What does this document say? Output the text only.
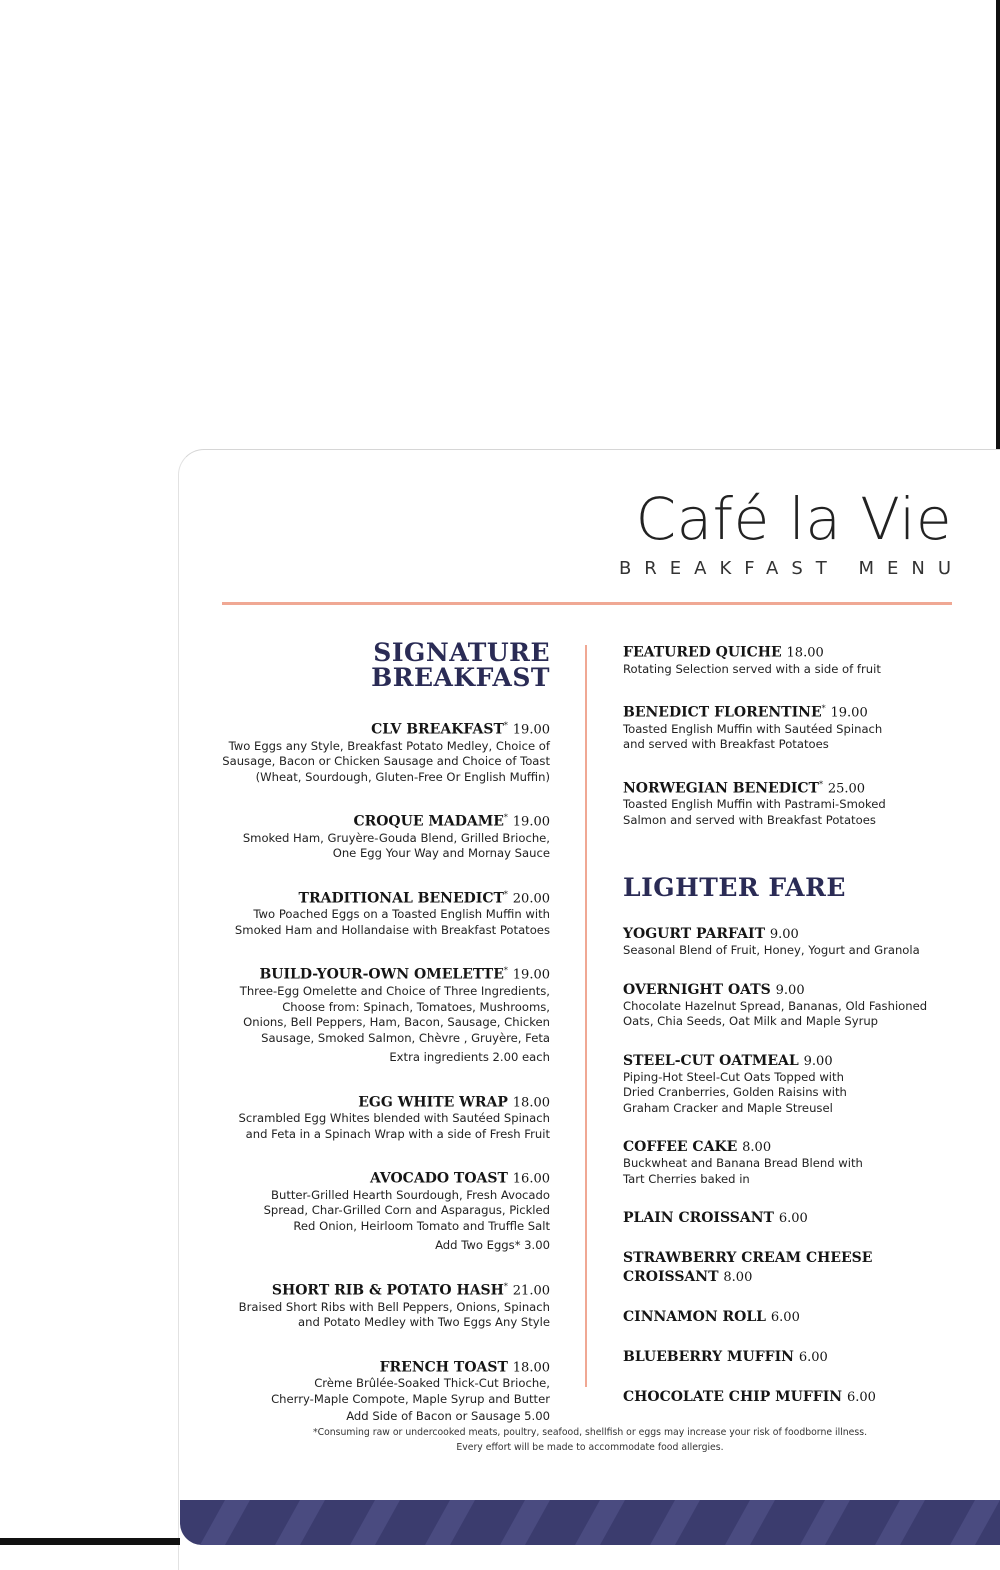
Café la Vie
BREAKFAST MENU
SIGNATURE
BREAKFAST
CLV BREAKFAST* 19.00
Two Eggs any Style, Breakfast Potato Medley, Choice of
Sausage, Bacon or Chicken Sausage and Choice of Toast
(Wheat, Sourdough, Gluten-Free Or English Muffin)
CROQUE MADAME* 19.00
Smoked Ham, Gruyère-Gouda Blend, Grilled Brioche,
One Egg Your Way and Mornay Sauce
TRADITIONAL BENEDICT* 20.00
Two Poached Eggs on a Toasted English Muffin with
Smoked Ham and Hollandaise with Breakfast Potatoes
BUILD-YOUR-OWN OMELETTE* 19.00
Three-Egg Omelette and Choice of Three Ingredients,
Choose from: Spinach, Tomatoes, Mushrooms,
Onions, Bell Peppers, Ham, Bacon, Sausage, Chicken
Sausage, Smoked Salmon, Chèvre , Gruyère, Feta
Extra ingredients 2.00 each
EGG WHITE WRAP 18.00
Scrambled Egg Whites blended with Sautéed Spinach
and Feta in a Spinach Wrap with a side of Fresh Fruit
AVOCADO TOAST 16.00
Butter-Grilled Hearth Sourdough, Fresh Avocado
Spread, Char-Grilled Corn and Asparagus, Pickled
Red Onion, Heirloom Tomato and Truffle Salt
Add Two Eggs* 3.00
SHORT RIB & POTATO HASH* 21.00
Braised Short Ribs with Bell Peppers, Onions, Spinach
and Potato Medley with Two Eggs Any Style
FRENCH TOAST 18.00
Crème Brûlée-Soaked Thick-Cut Brioche,
Cherry-Maple Compote, Maple Syrup and Butter
Add Side of Bacon or Sausage 5.00
FEATURED QUICHE 18.00
Rotating Selection served with a side of fruit
BENEDICT FLORENTINE* 19.00
Toasted English Muffin with Sautéed Spinach
and served with Breakfast Potatoes
NORWEGIAN BENEDICT* 25.00
Toasted English Muffin with Pastrami-Smoked
Salmon and served with Breakfast Potatoes
LIGHTER FARE
YOGURT PARFAIT 9.00
Seasonal Blend of Fruit, Honey, Yogurt and Granola
OVERNIGHT OATS 9.00
Chocolate Hazelnut Spread, Bananas, Old Fashioned
Oats, Chia Seeds, Oat Milk and Maple Syrup
STEEL-CUT OATMEAL 9.00
Piping-Hot Steel-Cut Oats Topped with
Dried Cranberries, Golden Raisins with
Graham Cracker and Maple Streusel
COFFEE CAKE 8.00
Buckwheat and Banana Bread Blend with
Tart Cherries baked in
PLAIN CROISSANT 6.00
STRAWBERRY CREAM CHEESE
CROISSANT 8.00
CINNAMON ROLL 6.00
BLUEBERRY MUFFIN 6.00
CHOCOLATE CHIP MUFFIN 6.00
*Consuming raw or undercooked meats, poultry, seafood, shellfish or eggs may increase your risk of foodborne illness.
Every effort will be made to accommodate food allergies.
